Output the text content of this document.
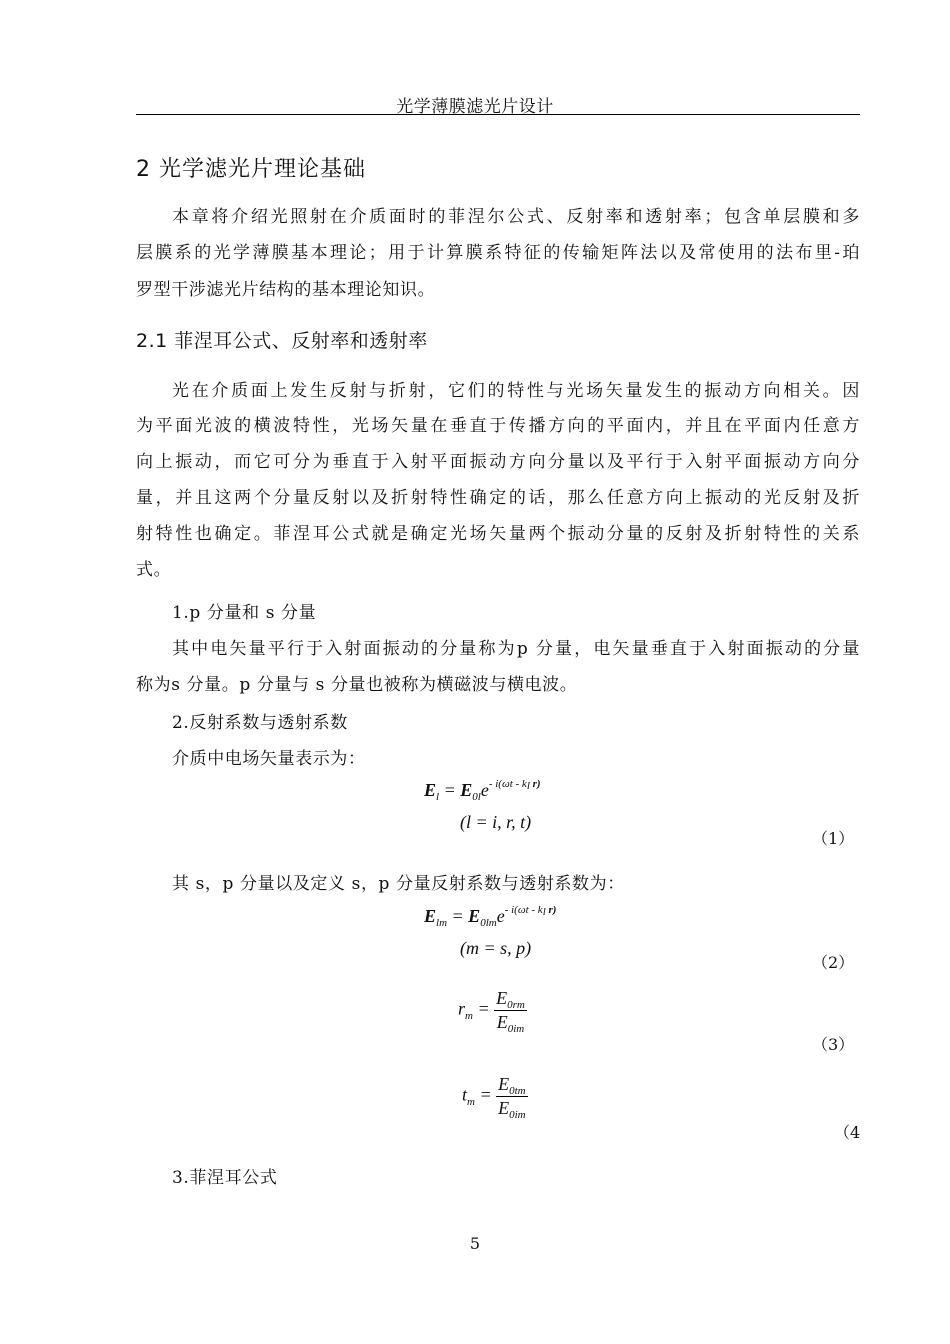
光学薄膜滤光片设计
2 光学滤光片理论基础
本章将介绍光照射在介质面时的菲涅尔公式、反射率和透射率；包含单层膜和多
层膜系的光学薄膜基本理论；用于计算膜系特征的传输矩阵法以及常使用的法布里-珀
罗型干涉滤光片结构的基本理论知识。
2.1 菲涅耳公式、反射率和透射率
光在介质面上发生反射与折射，它们的特性与光场矢量发生的振动方向相关。因
为平面光波的横波特性，光场矢量在垂直于传播方向的平面内，并且在平面内任意方
向上振动，而它可分为垂直于入射平面振动方向分量以及平行于入射平面振动方向分
量，并且这两个分量反射以及折射特性确定的话，那么任意方向上振动的光反射及折
射特性也确定。菲涅耳公式就是确定光场矢量两个振动分量的反射及折射特性的关系
式。
1.p 分量和 s 分量
其中电矢量平行于入射面振动的分量称为p 分量，电矢量垂直于入射面振动的分量
称为s 分量。p 分量与 s 分量也被称为横磁波与横电波。
2.反射系数与透射系数
介质中电场矢量表示为：
$E_l = E_{0l}e^{- i(\omega t - kl r)}$
(l = i, r, t)
（1）
其 s，p 分量以及定义 s，p 分量反射系数与透射系数为：
$E_{lm} = E_{0lm}e^{- i(\omega t - kl r)}$
(m = s, p)
（2）
$r_m = \frac{E_{0rm}}{E_{0im}}$
（3）
$t_m = \frac{E_{0tm}}{E_{0im}}$
（4
3.菲涅耳公式
5
